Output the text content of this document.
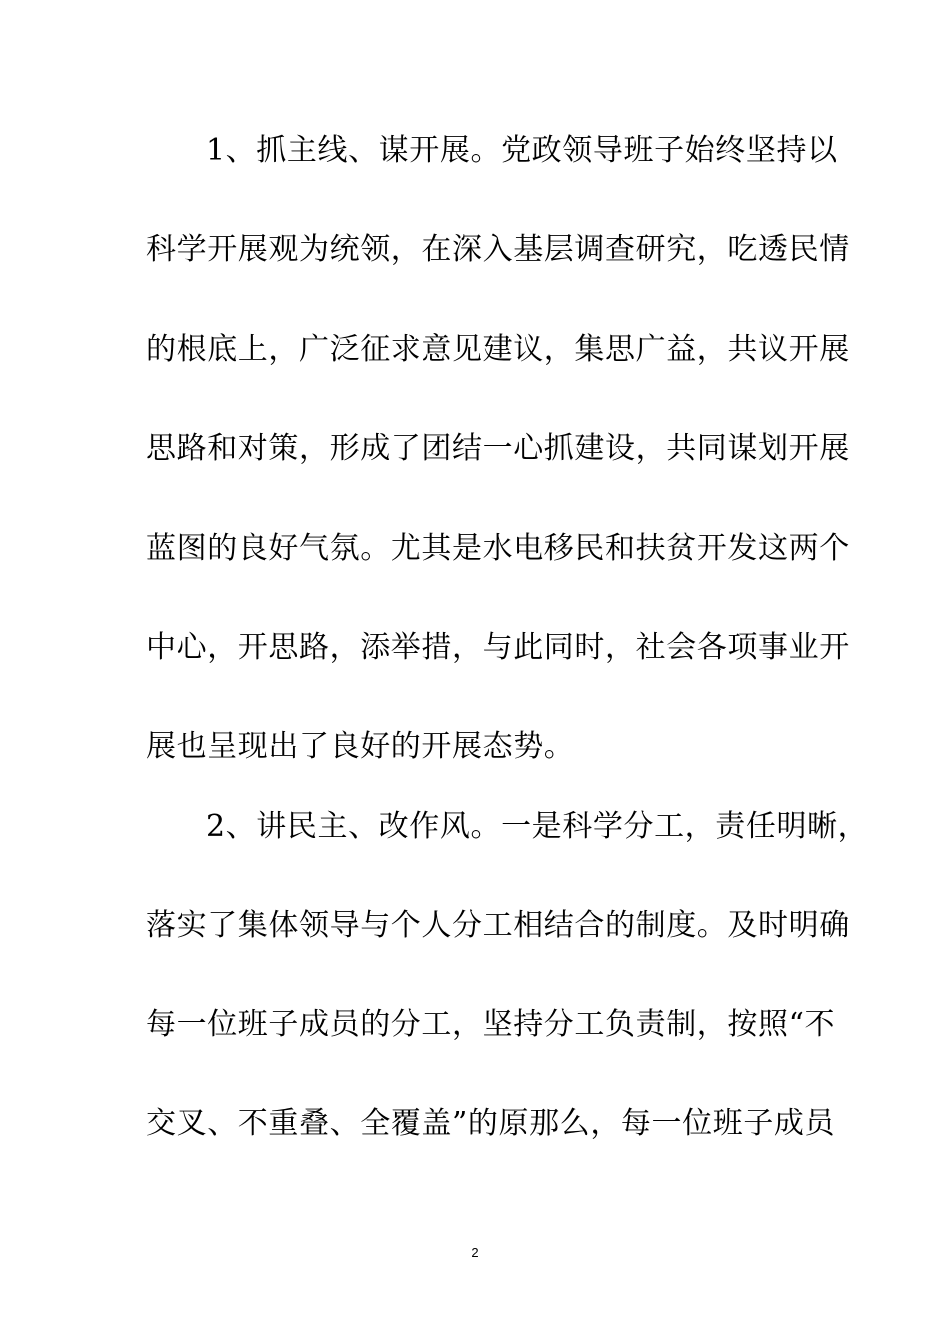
1、抓主线、谋开展。党政领导班子始终坚持以
科学开展观为统领，在深入基层调查研究，吃透民情
的根底上，广泛征求意见建议，集思广益，共议开展
思路和对策，形成了团结一心抓建设，共同谋划开展
蓝图的良好气氛。尤其是水电移民和扶贫开发这两个
中心，开思路，添举措，与此同时，社会各项事业开
展也呈现出了良好的开展态势。
2、讲民主、改作风。一是科学分工，责任明晰，
落实了集体领导与个人分工相结合的制度。及时明确
每一位班子成员的分工，坚持分工负责制，按照“不
交叉、不重叠、全覆盖”的原那么，每一位班子成员
2
